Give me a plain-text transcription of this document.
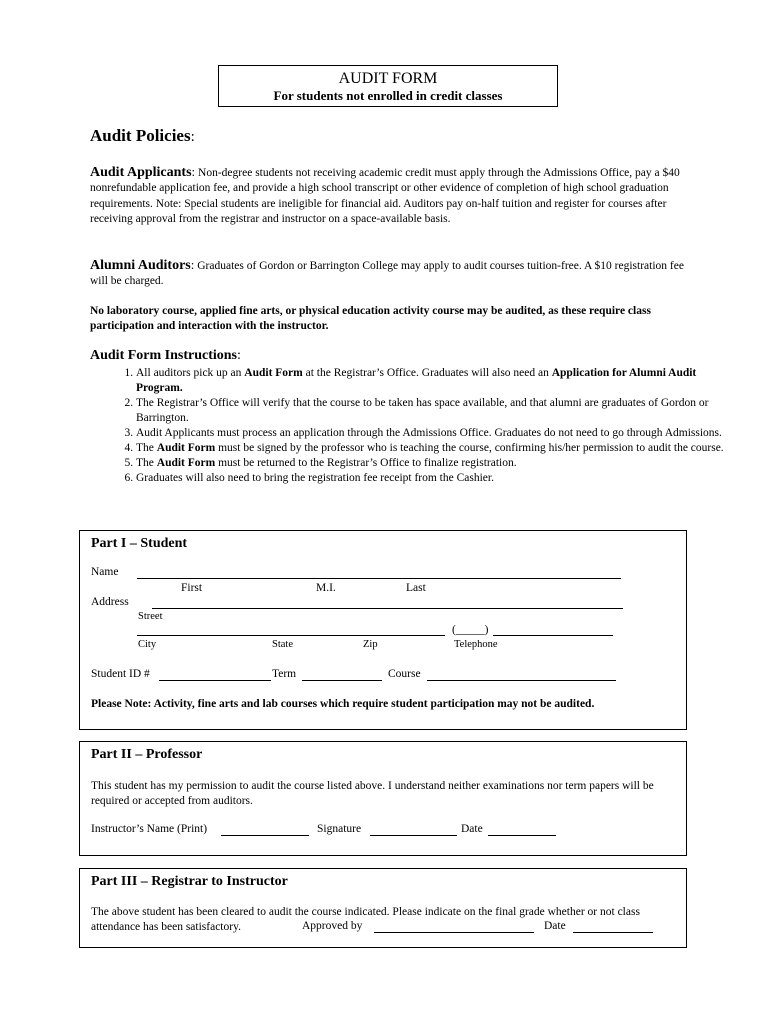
AUDIT FORM
For students not enrolled in credit classes
Audit Policies:
Audit Applicants: Non-degree students not receiving academic credit must apply through the Admissions Office, pay a $40 nonrefundable application fee, and provide a high school transcript or other evidence of completion of high school graduation requirements. Note: Special students are ineligible for financial aid. Auditors pay on-half tuition and register for courses after receiving approval from the registrar and instructor on a space-available basis.
Alumni Auditors: Graduates of Gordon or Barrington College may apply to audit courses tuition-free. A $10 registration fee will be charged.
No laboratory course, applied fine arts, or physical education activity course may be audited, as these require class participation and interaction with the instructor.
Audit Form Instructions:
1. All auditors pick up an Audit Form at the Registrar’s Office. Graduates will also need an Application for Alumni Audit Program.
2. The Registrar’s Office will verify that the course to be taken has space available, and that alumni are graduates of Gordon or Barrington.
3. Audit Applicants must process an application through the Admissions Office. Graduates do not need to go through Admissions.
4. The Audit Form must be signed by the professor who is teaching the course, confirming his/her permission to audit the course.
5. The Audit Form must be returned to the Registrar’s Office to finalize registration.
6. Graduates will also need to bring the registration fee receipt from the Cashier.
Part I – Student
Name
First	M.I.	Last
Address
Street
(_____)
City	State	Zip	Telephone
Student ID #	Term	Course
Please Note: Activity, fine arts and lab courses which require student participation may not be audited.
Part II – Professor
This student has my permission to audit the course listed above. I understand neither examinations nor term papers will be required or accepted from auditors.
Instructor’s Name (Print)	Signature	Date
Part III – Registrar to Instructor
The above student has been cleared to audit the course indicated. Please indicate on the final grade whether or not class attendance has been satisfactory.	Approved by	Date
